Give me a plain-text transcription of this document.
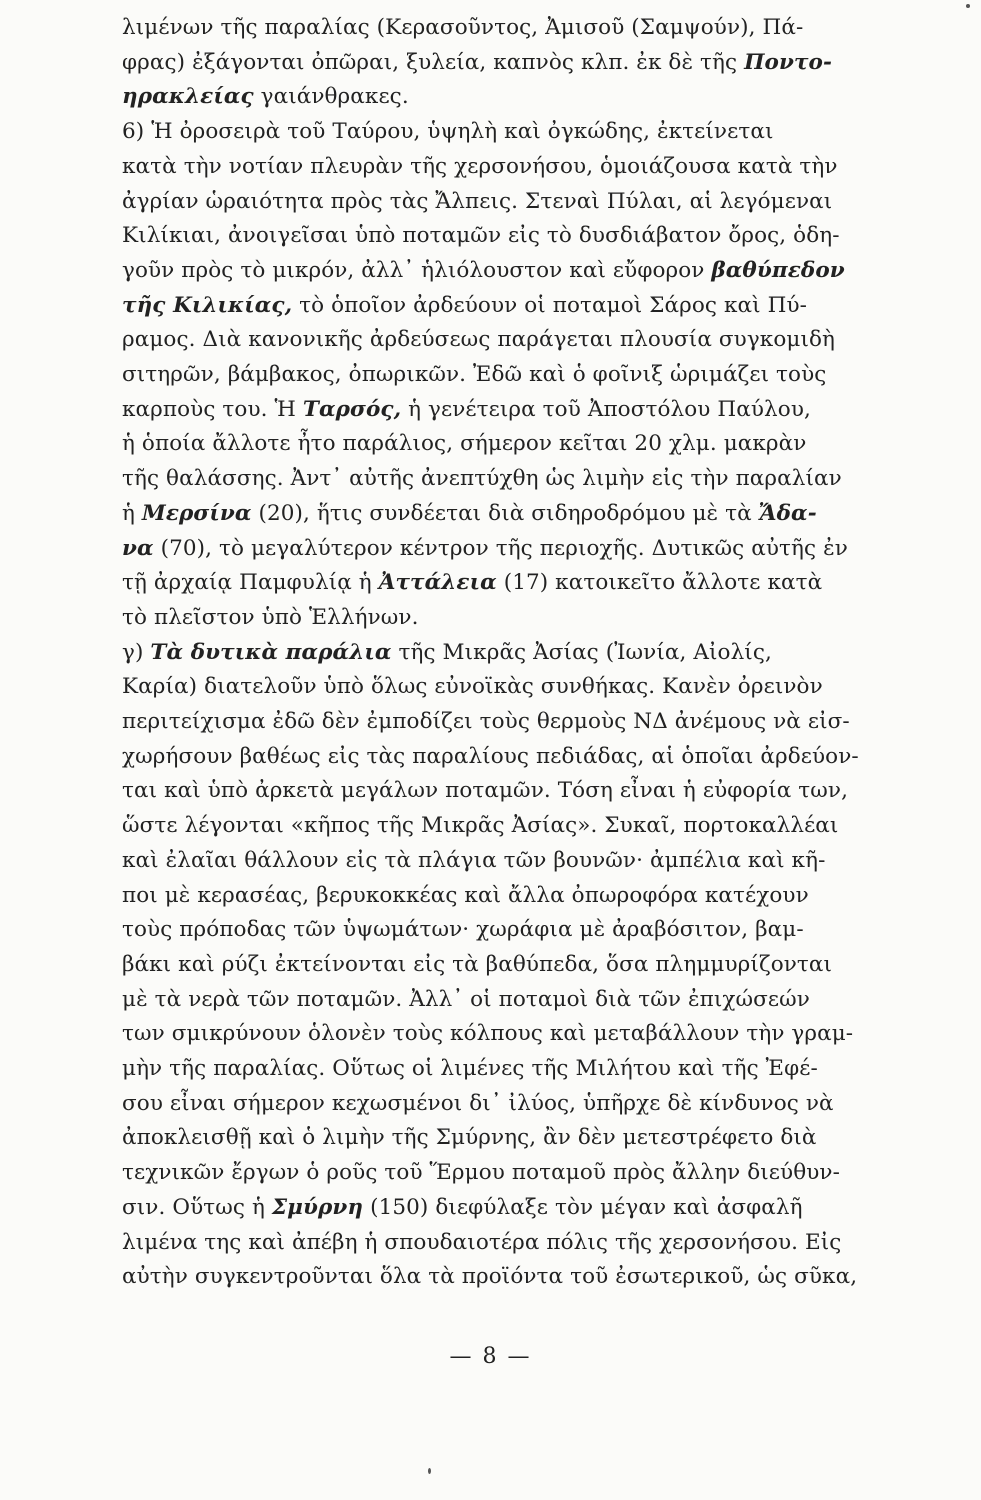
λιμένων τῆς παραλίας (Κερασοῦντος, Ἀμισοῦ (Σαμψούν), Πά-
φρας) ἐξάγονται ὀπῶραι, ξυλεία, καπνὸς κλπ. ἐκ δὲ τῆς Ποντο-
ηρακλείας γαιάνθρακες.
6) Ἡ ὀροσειρὰ τοῦ Ταύρου, ὑψηλὴ καὶ ὀγκώδης, ἐκτείνεται
κατὰ τὴν νοτίαν πλευρὰν τῆς χερσονήσου, ὁμοιάζουσα κατὰ τὴν
ἀγρίαν ὡραιότητα πρὸς τὰς Ἄλπεις. Στεναὶ Πύλαι, αἱ λεγόμεναι
Κιλίκιαι, ἀνοιγεῖσαι ὑπὸ ποταμῶν εἰς τὸ δυσδιάβατον ὄρος, ὁδη-
γοῦν πρὸς τὸ μικρόν, ἀλλ᾽ ἡλιόλουστον καὶ εὔφορον βαθύπεδον
τῆς Κιλικίας, τὸ ὁποῖον ἀρδεύουν οἱ ποταμοὶ Σάρος καὶ Πύ-
ραμος. Διὰ κανονικῆς ἀρδεύσεως παράγεται πλουσία συγκομιδὴ
σιτηρῶν, βάμβακος, ὀπωρικῶν. Ἐδῶ καὶ ὁ φοῖνιξ ὡριμάζει τοὺς
καρποὺς του. Ἡ Ταρσός, ἡ γενέτειρα τοῦ Ἀποστόλου Παύλου,
ἡ ὁποία ἄλλοτε ἦτο παράλιος, σήμερον κεῖται 20 χλμ. μακρὰν
τῆς θαλάσσης. Ἀντ᾽ αὐτῆς ἀνεπτύχθη ὡς λιμὴν εἰς τὴν παραλίαν
ἡ Μερσίνα (20), ἥτις συνδέεται διὰ σιδηροδρόμου μὲ τὰ Ἄδα-
να (70), τὸ μεγαλύτερον κέντρον τῆς περιοχῆς. Δυτικῶς αὐτῆς ἐν
τῇ ἀρχαίᾳ Παμφυλίᾳ ἡ Ἀττάλεια (17) κατοικεῖτο ἄλλοτε κατὰ
τὸ πλεῖστον ὑπὸ Ἑλλήνων.
γ) Τὰ δυτικὰ παράλια τῆς Μικρᾶς Ἀσίας (Ἰωνία, Αἰολίς,
Καρία) διατελοῦν ὑπὸ ὅλως εὐνοϊκὰς συνθήκας. Κανὲν ὀρεινὸν
περιτείχισμα ἐδῶ δὲν ἐμποδίζει τοὺς θερμοὺς ΝΔ ἀνέμους νὰ εἰσ-
χωρήσουν βαθέως εἰς τὰς παραλίους πεδιάδας, αἱ ὁποῖαι ἀρδεύον-
ται καὶ ὑπὸ ἀρκετὰ μεγάλων ποταμῶν. Τόση εἶναι ἡ εὐφορία των,
ὥστε λέγονται «κῆπος τῆς Μικρᾶς Ἀσίας». Συκαῖ, πορτοκαλλέαι
καὶ ἐλαῖαι θάλλουν εἰς τὰ πλάγια τῶν βουνῶν· ἀμπέλια καὶ κῆ-
ποι μὲ κερασέας, βερυκοκκέας καὶ ἄλλα ὀπωροφόρα κατέχουν
τοὺς πρόποδας τῶν ὑψωμάτων· χωράφια μὲ ἀραβόσιτον, βαμ-
βάκι καὶ ρύζι ἐκτείνονται εἰς τὰ βαθύπεδα, ὅσα πλημμυρίζονται
μὲ τὰ νερὰ τῶν ποταμῶν. Ἀλλ᾽ οἱ ποταμοὶ διὰ τῶν ἐπιχώσεών
των σμικρύνουν ὁλονὲν τοὺς κόλπους καὶ μεταβάλλουν τὴν γραμ-
μὴν τῆς παραλίας. Οὕτως οἱ λιμένες τῆς Μιλήτου καὶ τῆς Ἐφέ-
σου εἶναι σήμερον κεχωσμένοι δι᾽ ἰλύος, ὑπῆρχε δὲ κίνδυνος νὰ
ἀποκλεισθῇ καὶ ὁ λιμὴν τῆς Σμύρνης, ἂν δὲν μετεστρέφετο διὰ
τεχνικῶν ἔργων ὁ ροῦς τοῦ Ἕρμου ποταμοῦ πρὸς ἄλλην διεύθυν-
σιν. Οὕτως ἡ Σμύρνη (150) διεφύλαξε τὸν μέγαν καὶ ἀσφαλῆ
λιμένα της καὶ ἀπέβη ἡ σπουδαιοτέρα πόλις τῆς χερσονήσου. Εἰς
αὐτὴν συγκεντροῦνται ὅλα τὰ προϊόντα τοῦ ἐσωτερικοῦ, ὡς σῦκα,
— 8 —
